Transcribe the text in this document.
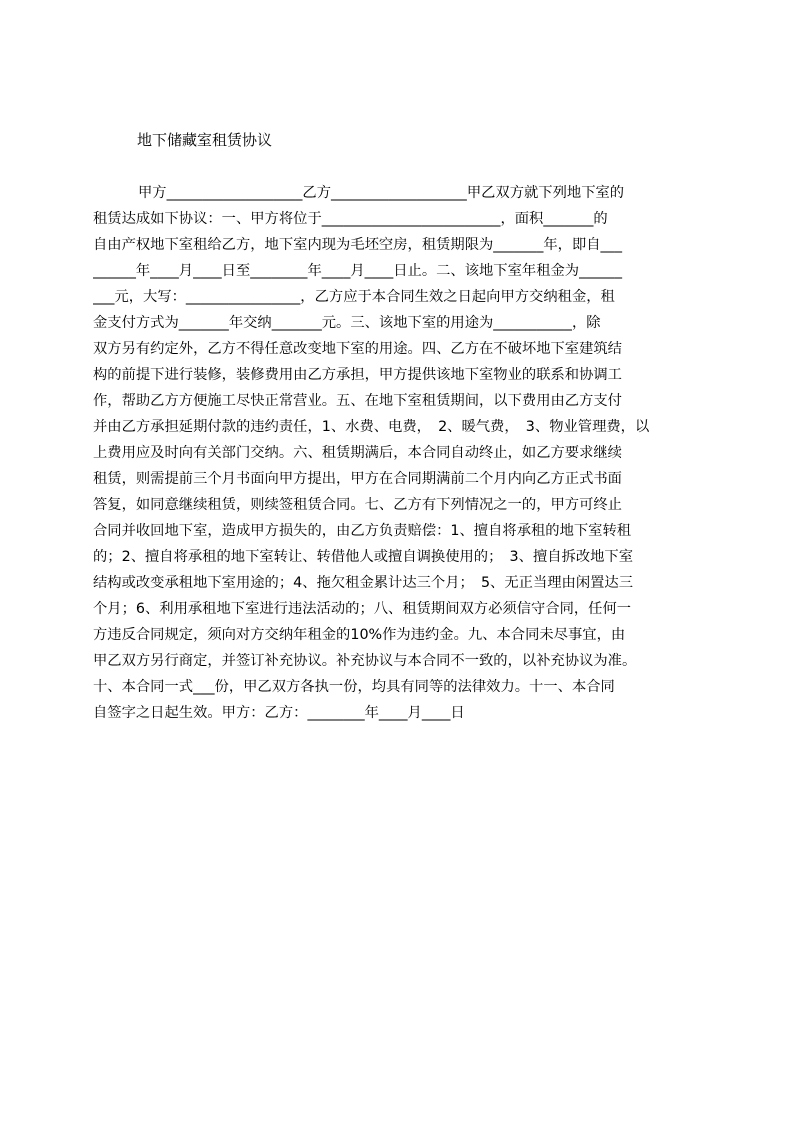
地下储藏室租赁协议
甲方___________________乙方___________________甲乙双方就下列地下室的
租赁达成如下协议：一、甲方将位于_________________________，面积_______的
自由产权地下室租给乙方，地下室内现为毛坯空房，租赁期限为_______年，即自___
______年____月____日至________年____月____日止。二、该地下室年租金为______
___元，大写：________________，乙方应于本合同生效之日起向甲方交纳租金，租
金支付方式为_______年交纳_______元。三、该地下室的用途为___________，除
双方另有约定外，乙方不得任意改变地下室的用途。四、乙方在不破坏地下室建筑结
构的前提下进行装修，装修费用由乙方承担，甲方提供该地下室物业的联系和协调工
作，帮助乙方方便施工尽快正常营业。五、在地下室租赁期间，以下费用由乙方支付
并由乙方承担延期付款的违约责任，1、水费、电费，　2、暖气费，　3、物业管理费，以
上费用应及时向有关部门交纳。六、租赁期满后，本合同自动终止，如乙方要求继续
租赁，则需提前三个月书面向甲方提出，甲方在合同期满前二个月内向乙方正式书面
答复，如同意继续租赁，则续签租赁合同。七、乙方有下列情况之一的，甲方可终止
合同并收回地下室，造成甲方损失的，由乙方负责赔偿：1、擅自将承租的地下室转租
的；2、擅自将承租的地下室转让、转借他人或擅自调换使用的；　3、擅自拆改地下室
结构或改变承租地下室用途的；4、拖欠租金累计达三个月；　5、无正当理由闲置达三
个月；6、利用承租地下室进行违法活动的；八、租赁期间双方必须信守合同，任何一
方违反合同规定，须向对方交纳年租金的10%作为违约金。九、本合同未尽事宜，由
甲乙双方另行商定，并签订补充协议。补充协议与本合同不一致的，以补充协议为准。
十、本合同一式___份，甲乙双方各执一份，均具有同等的法律效力。十一、本合同
自签字之日起生效。甲方：乙方：________年____月____日
